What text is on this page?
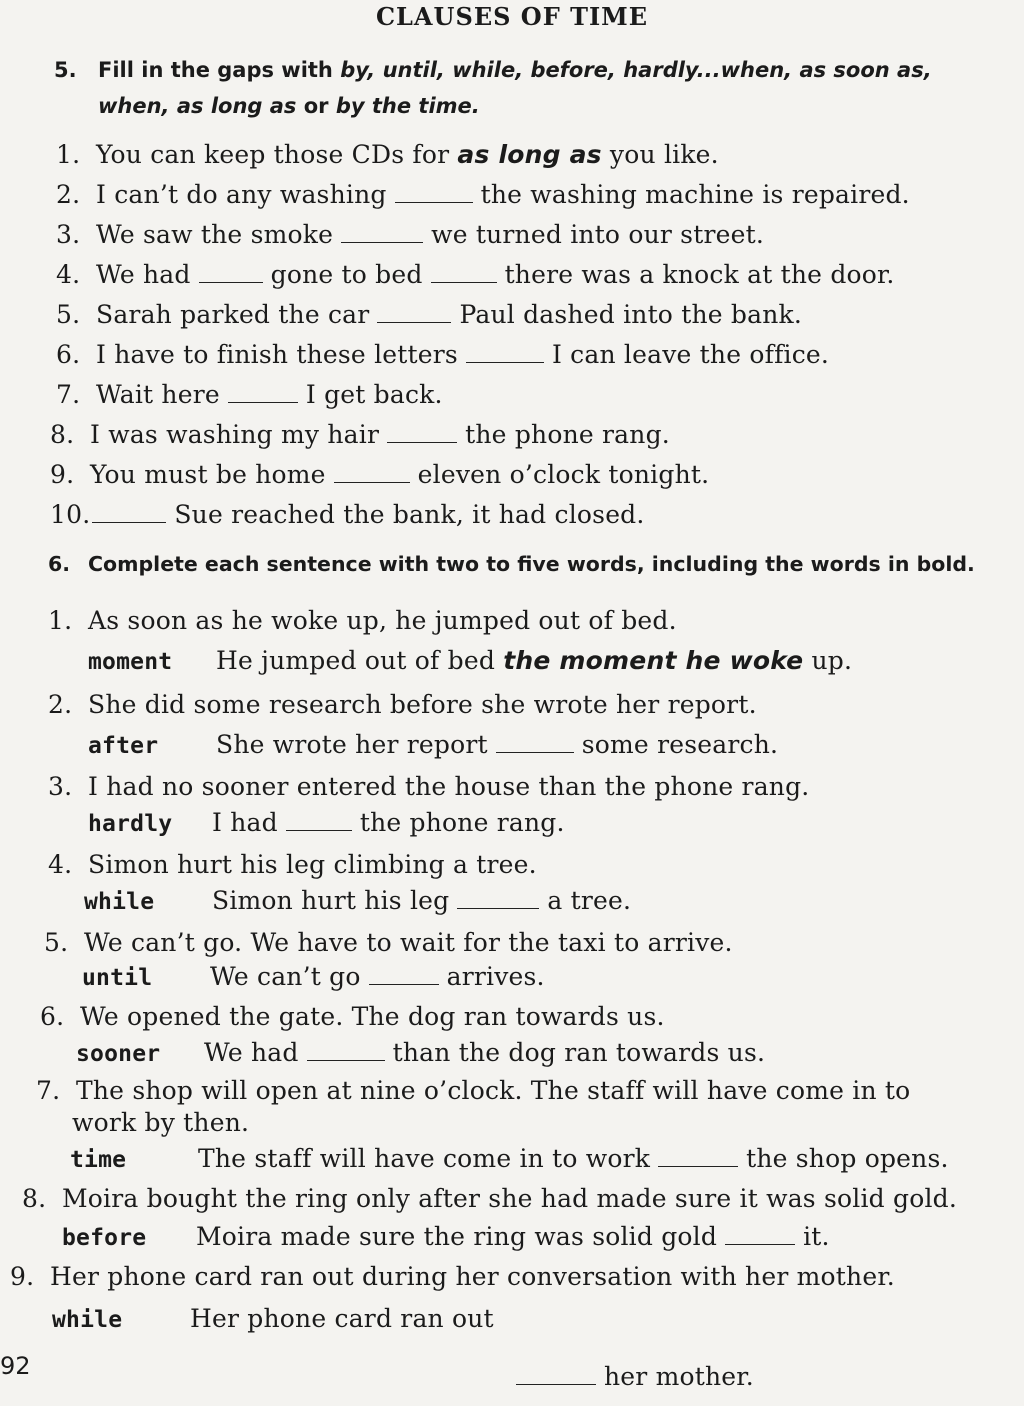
CLAUSES OF TIME
5. Fill in the gaps with by, until, while, before, hardly...when, as soon as,
when, as long as or by the time.
1. You can keep those CDs for as long as you like.
2. I can’t do any washing	the washing machine is repaired.
3. We saw the smoke	we turned into our street.
4. We had	gone to bed	there was a knock at the door.
5. Sarah parked the car	Paul dashed into the bank.
6. I have to finish these letters	I can leave the office.
7. Wait here	I get back.
8. I was washing my hair	the phone rang.
9. You must be home	eleven o’clock tonight.
10.	Sue reached the bank, it had closed.
6. Complete each sentence with two to five words, including the words in bold.
1. As soon as he woke up, he jumped out of bed.
moment He jumped out of bed the moment he woke up.
2. She did some research before she wrote her report.
after She wrote her report	some research.
3. I had no sooner entered the house than the phone rang.
hardly I had	the phone rang.
4. Simon hurt his leg climbing a tree.
while Simon hurt his leg	a tree.
5. We can’t go. We have to wait for the taxi to arrive.
until We can’t go	arrives.
6. We opened the gate. The dog ran towards us.
sooner We had	than the dog ran towards us.
7. The shop will open at nine o’clock. The staff will have come in to
work by then.
time	The staff will have come in to work	the shop opens.
8. Moira bought the ring only after she had made sure it was solid gold.
before Moira made sure the ring was solid gold	it.
9. Her phone card ran out during her conversation with her mother.
while	Her phone card ran out
her mother.
92
